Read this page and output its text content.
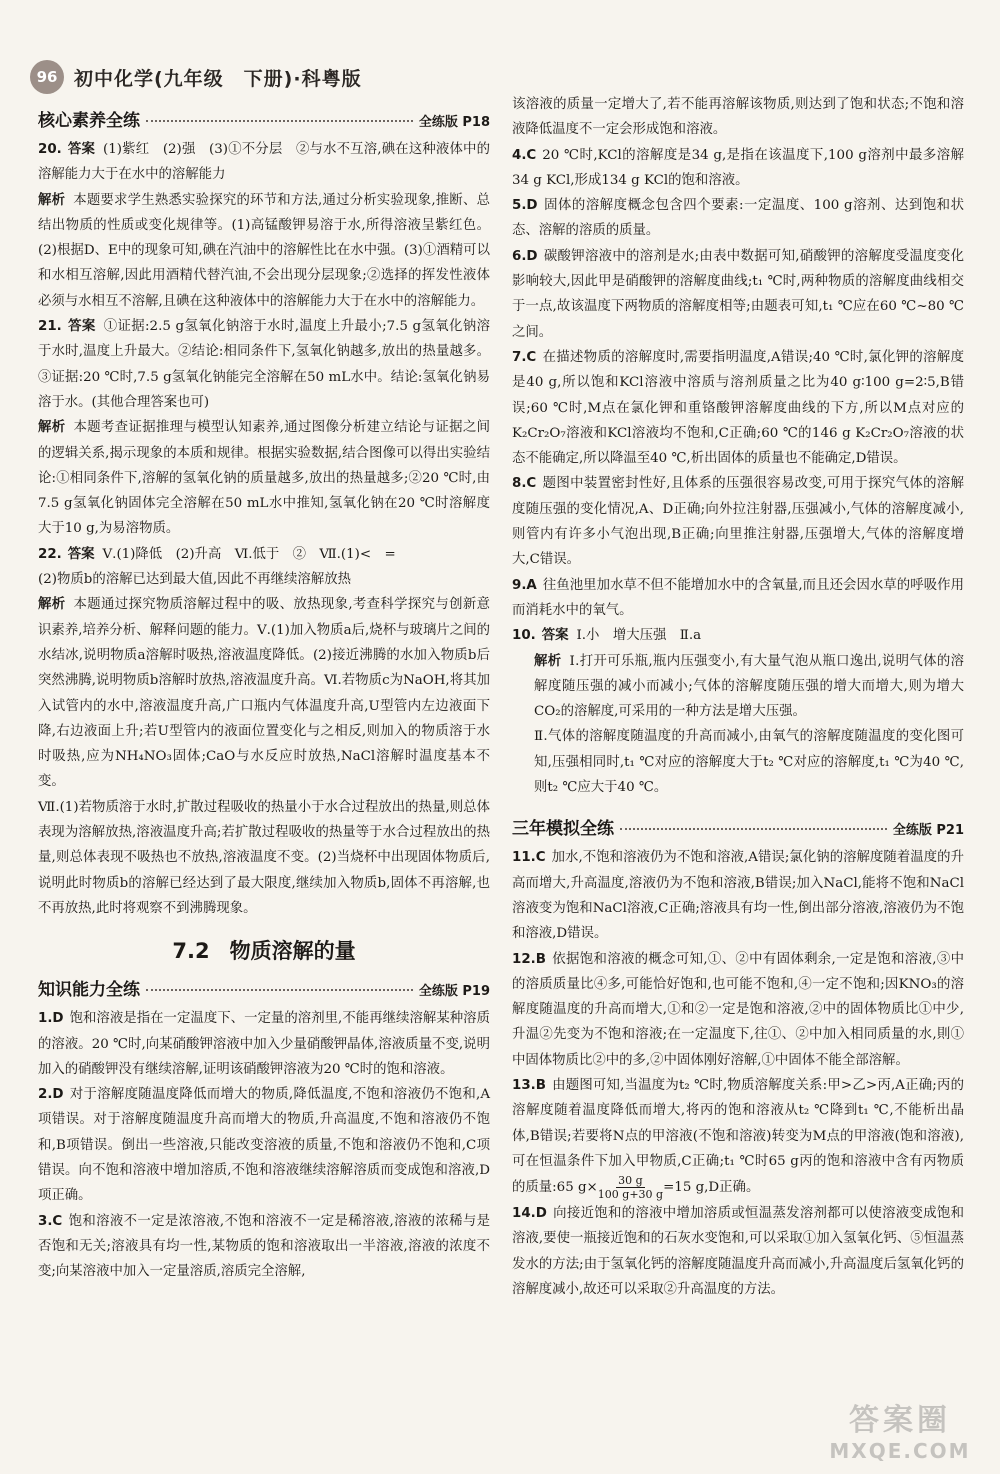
96 初中化学(九年级　下册)·科粤版
核心素养全练	全练版 P18
20. 答案 (1)紫红　(2)强　(3)①不分层　②与水不互溶,碘在这种液体中的溶解能力大于在水中的溶解能力
解析 本题要求学生熟悉实验探究的环节和方法,通过分析实验现象,推断、总结出物质的性质或变化规律等。(1)高锰酸钾易溶于水,所得溶液呈紫红色。(2)根据D、E中的现象可知,碘在汽油中的溶解性比在水中强。(3)①酒精可以和水相互溶解,因此用酒精代替汽油,不会出现分层现象;②选择的挥发性液体必须与水相互不溶解,且碘在这种液体中的溶解能力大于在水中的溶解能力。
21. 答案 ①证据:2.5 g氢氧化钠溶于水时,温度上升最小;7.5 g氢氧化钠溶于水时,温度上升最大。②结论:相同条件下,氢氧化钠越多,放出的热量越多。③证据:20 ℃时,7.5 g氢氧化钠能完全溶解在50 mL水中。结论:氢氧化钠易溶于水。(其他合理答案也可)
解析 本题考查证据推理与模型认知素养,通过图像分析建立结论与证据之间的逻辑关系,揭示现象的本质和规律。根据实验数据,结合图像可以得出实验结论:①相同条件下,溶解的氢氧化钠的质量越多,放出的热量越多;②20 ℃时,由7.5 g氢氧化钠固体完全溶解在50 mL水中推知,氢氧化钠在20 ℃时溶解度大于10 g,为易溶物质。
22. 答案 Ⅴ.(1)降低　(2)升高　Ⅵ.低于　②　Ⅶ.(1)<　=
(2)物质b的溶解已达到最大值,因此不再继续溶解放热
解析 本题通过探究物质溶解过程中的吸、放热现象,考查科学探究与创新意识素养,培养分析、解释问题的能力。Ⅴ.(1)加入物质a后,烧杯与玻璃片之间的水结冰,说明物质a溶解时吸热,溶液温度降低。(2)接近沸腾的水加入物质b后突然沸腾,说明物质b溶解时放热,溶液温度升高。Ⅵ.若物质c为NaOH,将其加入试管内的水中,溶液温度升高,广口瓶内气体温度升高,U型管内左边液面下降,右边液面上升;若U型管内的液面位置变化与之相反,则加入的物质溶于水时吸热,应为NH₄NO₃固体;CaO与水反应时放热,NaCl溶解时温度基本不变。
Ⅶ.(1)若物质溶于水时,扩散过程吸收的热量小于水合过程放出的热量,则总体表现为溶解放热,溶液温度升高;若扩散过程吸收的热量等于水合过程放出的热量,则总体表现不吸热也不放热,溶液温度不变。(2)当烧杯中出现固体物质后,说明此时物质b的溶解已经达到了最大限度,继续加入物质b,固体不再溶解,也不再放热,此时将观察不到沸腾现象。
7.2 物质溶解的量
知识能力全练	全练版 P19
1.D 饱和溶液是指在一定温度下、一定量的溶剂里,不能再继续溶解某种溶质的溶液。20 ℃时,向某硝酸钾溶液中加入少量硝酸钾晶体,溶液质量不变,说明加入的硝酸钾没有继续溶解,证明该硝酸钾溶液为20 ℃时的饱和溶液。
2.D 对于溶解度随温度降低而增大的物质,降低温度,不饱和溶液仍不饱和,A项错误。对于溶解度随温度升高而增大的物质,升高温度,不饱和溶液仍不饱和,B项错误。倒出一些溶液,只能改变溶液的质量,不饱和溶液仍不饱和,C项错误。向不饱和溶液中增加溶质,不饱和溶液继续溶解溶质而变成饱和溶液,D项正确。
3.C 饱和溶液不一定是浓溶液,不饱和溶液不一定是稀溶液,溶液的浓稀与是否饱和无关;溶液具有均一性,某物质的饱和溶液取出一半溶液,溶液的浓度不变;向某溶液中加入一定量溶质,溶质完全溶解,
该溶液的质量一定增大了,若不能再溶解该物质,则达到了饱和状态;不饱和溶液降低温度不一定会形成饱和溶液。
4.C 20 ℃时,KCl的溶解度是34 g,是指在该温度下,100 g溶剂中最多溶解34 g KCl,形成134 g KCl的饱和溶液。
5.D 固体的溶解度概念包含四个要素:一定温度、100 g溶剂、达到饱和状态、溶解的溶质的质量。
6.D 碳酸钾溶液中的溶剂是水;由表中数据可知,硝酸钾的溶解度受温度变化影响较大,因此甲是硝酸钾的溶解度曲线;t₁ ℃时,两种物质的溶解度曲线相交于一点,故该温度下两物质的溶解度相等;由题表可知,t₁ ℃应在60 ℃~80 ℃之间。
7.C 在描述物质的溶解度时,需要指明温度,A错误;40 ℃时,氯化钾的溶解度是40 g,所以饱和KCl溶液中溶质与溶剂质量之比为40 g∶100 g=2∶5,B错误;60 ℃时,M点在氯化钾和重铬酸钾溶解度曲线的下方,所以M点对应的K₂Cr₂O₇溶液和KCl溶液均不饱和,C正确;60 ℃的146 g K₂Cr₂O₇溶液的状态不能确定,所以降温至40 ℃,析出固体的质量也不能确定,D错误。
8.C 题图中装置密封性好,且体系的压强很容易改变,可用于探究气体的溶解度随压强的变化情况,A、D正确;向外拉注射器,压强减小,气体的溶解度减小,则管内有许多小气泡出现,B正确;向里推注射器,压强增大,气体的溶解度增大,C错误。
9.A 往鱼池里加水草不但不能增加水中的含氧量,而且还会因水草的呼吸作用而消耗水中的氧气。
10. 答案 Ⅰ.小　增大压强　Ⅱ.a
解析 Ⅰ.打开可乐瓶,瓶内压强变小,有大量气泡从瓶口逸出,说明气体的溶解度随压强的减小而减小;气体的溶解度随压强的增大而增大,则为增大CO₂的溶解度,可采用的一种方法是增大压强。
Ⅱ.气体的溶解度随温度的升高而减小,由氧气的溶解度随温度的变化图可知,压强相同时,t₁ ℃对应的溶解度大于t₂ ℃对应的溶解度,t₁ ℃为40 ℃,则t₂ ℃应大于40 ℃。
三年模拟全练	全练版 P21
11.C 加水,不饱和溶液仍为不饱和溶液,A错误;氯化钠的溶解度随着温度的升高而增大,升高温度,溶液仍为不饱和溶液,B错误;加入NaCl,能将不饱和NaCl溶液变为饱和NaCl溶液,C正确;溶液具有均一性,倒出部分溶液,溶液仍为不饱和溶液,D错误。
12.B 依据饱和溶液的概念可知,①、②中有固体剩余,一定是饱和溶液,③中的溶质质量比④多,可能恰好饱和,也可能不饱和,④一定不饱和;因KNO₃的溶解度随温度的升高而增大,①和②一定是饱和溶液,②中的固体物质比①中少,升温②先变为不饱和溶液;在一定温度下,往①、②中加入相同质量的水,則①中固体物质比②中的多,②中固体刚好溶解,①中固体不能全部溶解。
13.B 由题图可知,当温度为t₂ ℃时,物质溶解度关系:甲>乙>丙,A正确;丙的溶解度随着温度降低而增大,将丙的饱和溶液从t₂ ℃降到t₁ ℃,不能析出晶体,B错误;若要将N点的甲溶液(不饱和溶液)转变为M点的甲溶液(饱和溶液),可在恒温条件下加入甲物质,C正确;t₁ ℃时65 g丙的饱和溶液中含有丙物质的质量:65 $g\times \frac{30 g}{100 g+30 g} =15$ g,D正确。
14.D 向接近饱和的溶液中增加溶质或恒温蒸发溶剂都可以使溶液变成饱和溶液,要使一瓶接近饱和的石灰水变饱和,可以采取①加入氢氧化钙、⑤恒温蒸发水的方法;由于氢氧化钙的溶解度随温度升高而减小,升高温度后氢氧化钙的溶解度减小,故还可以采取②升高温度的方法。
答案圈
MXQE.COM
